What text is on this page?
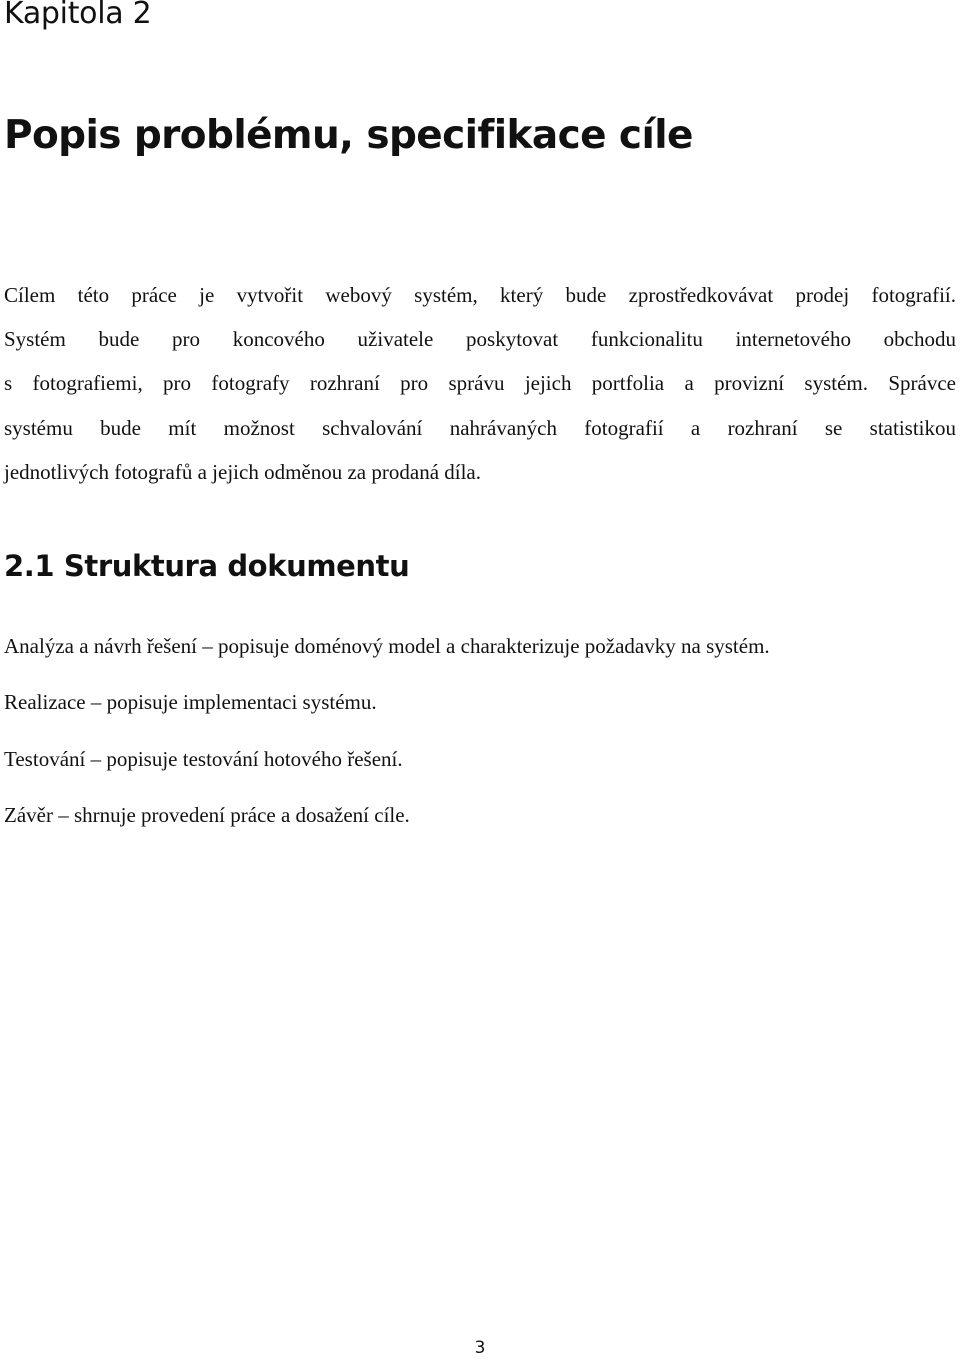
Kapitola 2
Popis problému, specifikace cíle

Cílem této práce je vytvořit webový systém, který bude zprostředkovávat prodej fotografií.
Systém bude pro koncového uživatele poskytovat funkcionalitu internetového obchodu
s fotografiemi, pro fotografy rozhraní pro správu jejich portfolia a provizní systém. Správce
systému bude mít možnost schvalování nahrávaných fotografií a rozhraní se statistikou
jednotlivých fotografů a jejich odměnou za prodaná díla.

2.1 Struktura dokumentu
Analýza a návrh řešení – popisuje doménový model a charakterizuje požadavky na systém.
Realizace – popisuje implementaci systému.
Testování – popisuje testování hotového řešení.
Závěr – shrnuje provedení práce a dosažení cíle.
3
